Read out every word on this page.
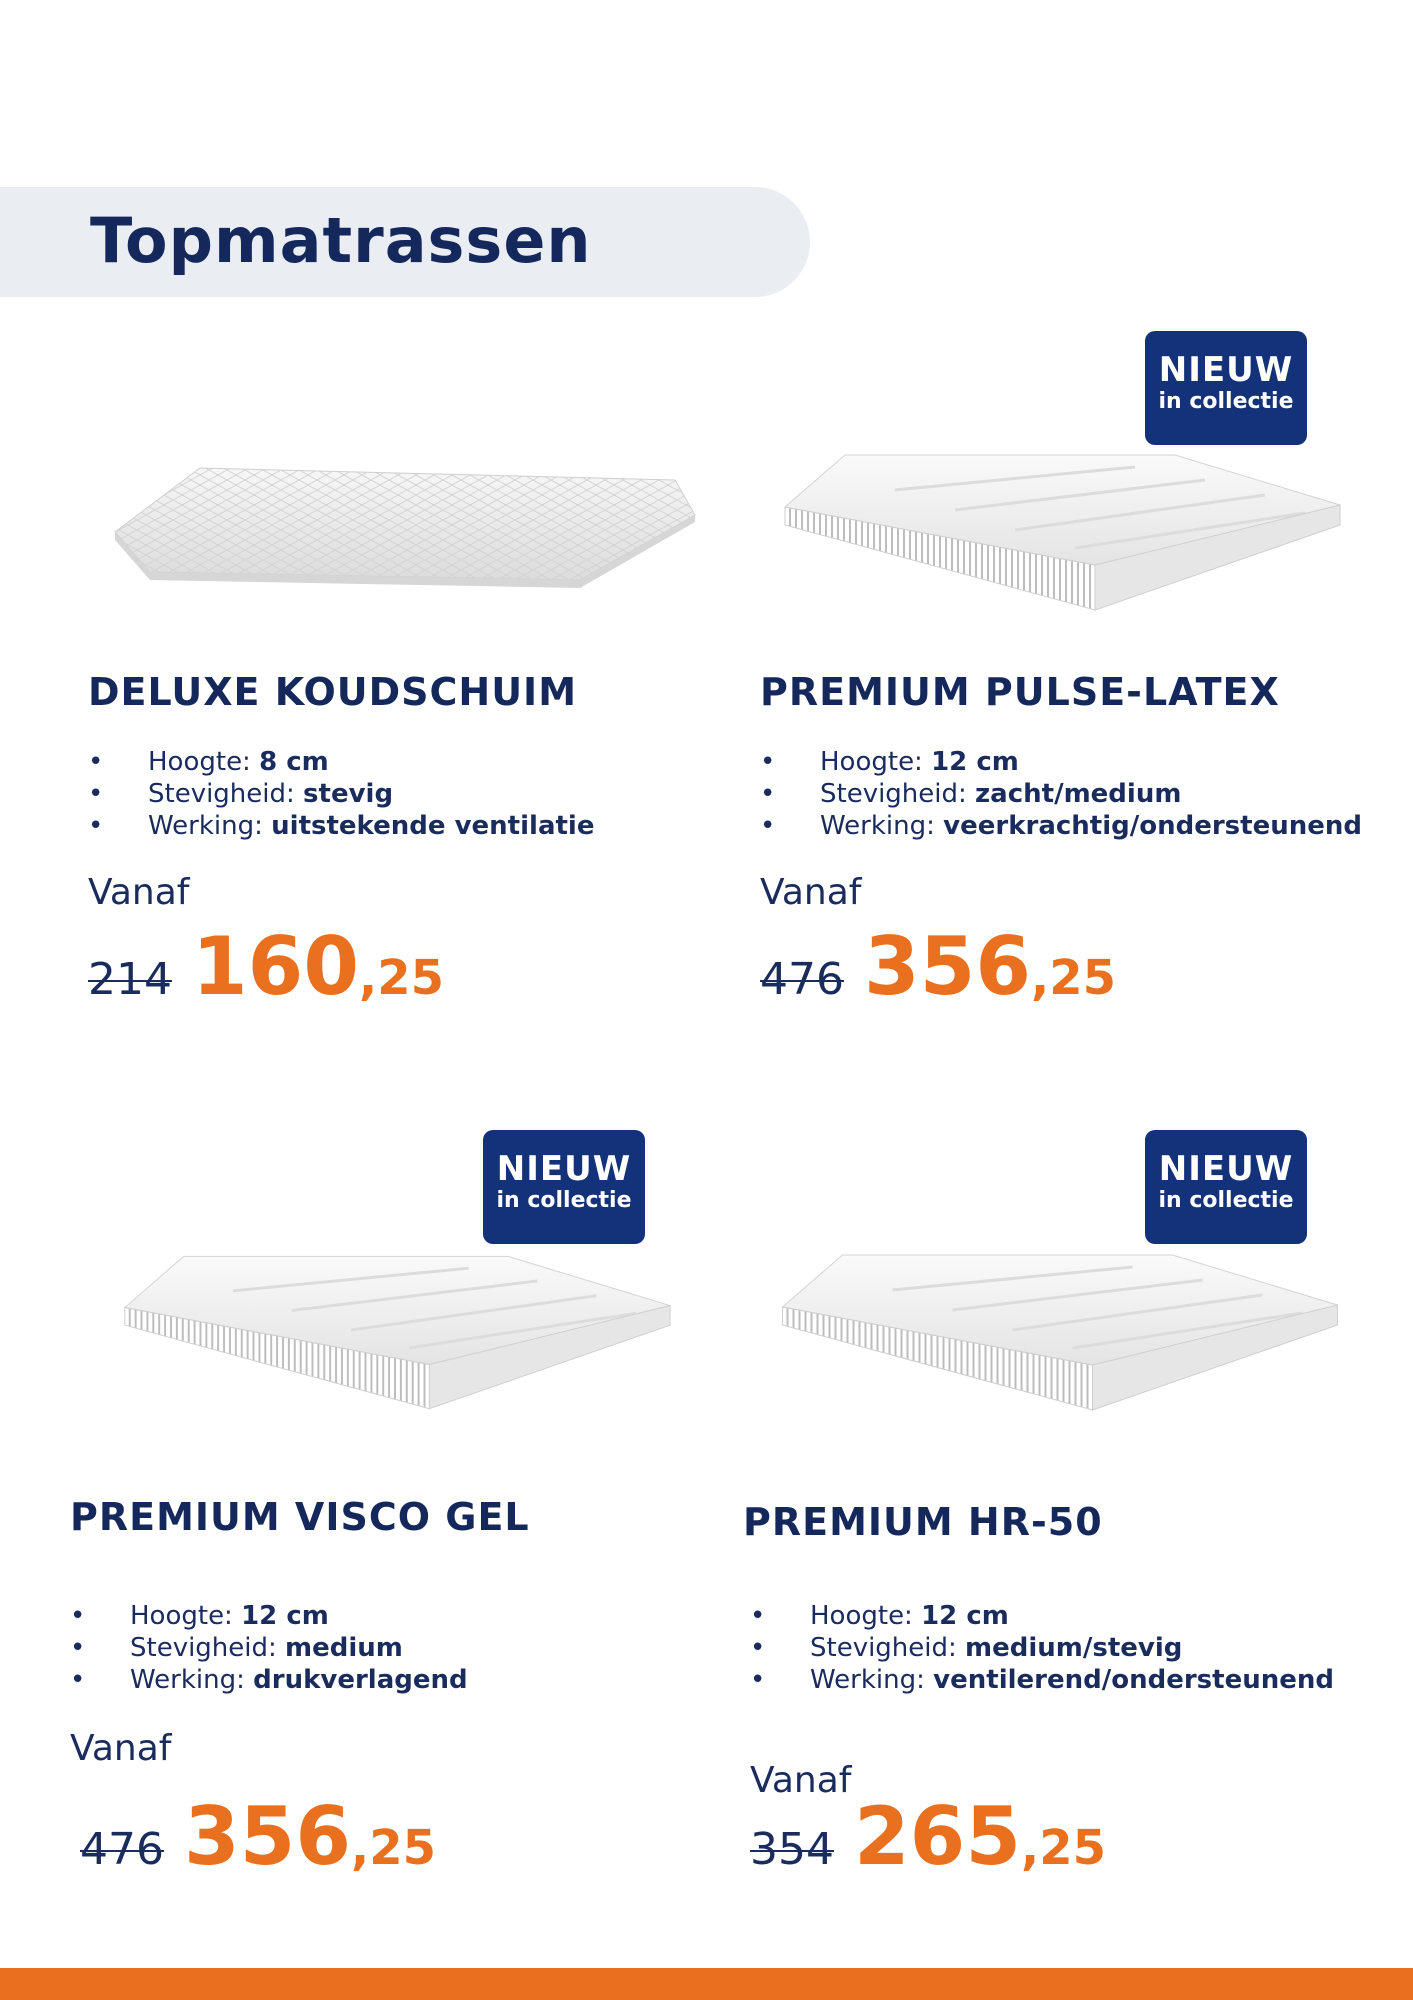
Topmatrassen
DELUXE KOUDSCHUIM
• Hoogte: 8 cm
• Stevigheid: stevig
• Werking: uitstekende ventilatie
Vanaf
214 160,25
NIEUW
in collectie
PREMIUM PULSE-LATEX
• Hoogte: 12 cm
• Stevigheid: zacht/medium
• Werking: veerkrachtig/ondersteunend
Vanaf
476 356,25
NIEUW
in collectie
PREMIUM VISCO GEL
• Hoogte: 12 cm
• Stevigheid: medium
• Werking: drukverlagend
Vanaf
476 356,25
NIEUW
in collectie
PREMIUM HR-50
• Hoogte: 12 cm
• Stevigheid: medium/stevig
• Werking: ventilerend/ondersteunend
Vanaf
354 265,25
